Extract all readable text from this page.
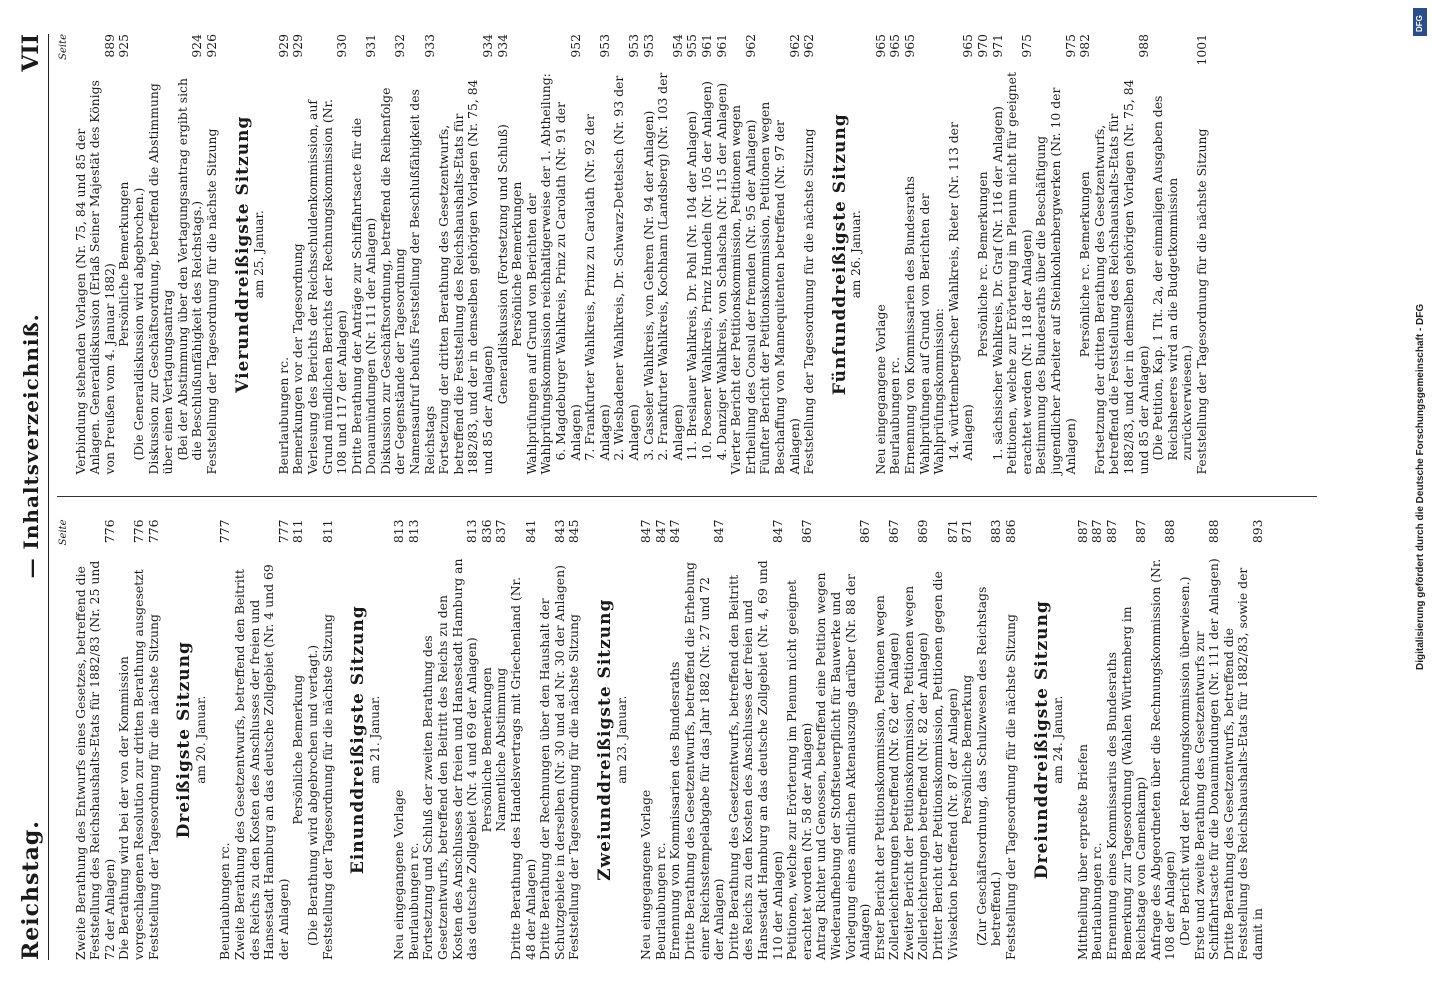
Reichstag.
— Inhaltsverzeichniß.
VII
Seite
Zweite Berathung des Entwurfs eines Gesetzes, betreffend die Feststellung des Reichshaushalts-Etats für 1882/83 (Nr. 25 und 72 der Anlagen)
776
Die Berathung wird bei der von der Kommission vorgeschlagenen Resolution zur dritten Berathung ausgesetzt
776
Feststellung der Tagesordnung für die nächste Sitzung
776
Dreißigste Sitzung am 20. Januar.
Beurlaubungen rc.
777
Zweite Berathung des Gesetzentwurfs, betreffend den Beitritt des Reichs zu den Kosten des Anschlusses der freien und Hansestadt Hamburg an das deutsche Zollgebiet (Nr. 4 und 69 der Anlagen)
777
Persönliche Bemerkung
811
(Die Berathung wird abgebrochen und vertagt.) Feststellung der Tagesordnung für die nächste Sitzung
811
Einunddreißigste Sitzung am 21. Januar.
Neu eingegangene Vorlage
813
Beurlaubungen rc.
813
Fortsetzung und Schluß der zweiten Berathung des Gesetzentwurfs, betreffend den Beitritt des Reichs zu den Kosten des Anschlusses der freien und Hansestadt Hamburg an das deutsche Zollgebiet (Nr. 4 und 69 der Anlagen)
813
Persönliche Bemerkungen
836
Namentliche Abstimmung
837
Dritte Berathung des Handelsvertrags mit Griechenland (Nr. 48 der Anlagen)
841
Dritte Berathung der Rechnungen über den Haushalt der Schutzgebiete in derselben (Nr. 30 und ad Nr. 30 der Anlagen)
843
Feststellung der Tagesordnung für die nächste Sitzung
845
Zweiunddreißigste Sitzung am 23. Januar.
Neu eingegangene Vorlage
847
Beurlaubungen rc.
847
Ernennung von Kommissarien des Bundesraths
847
Dritte Berathung des Gesetzentwurfs, betreffend die Erhebung einer Reichsstempelabgabe für das Jahr 1882 (Nr. 27 und 72 der Anlagen)
847
Dritte Berathung des Gesetzentwurfs, betreffend den Beitritt des Reichs zu den Kosten des Anschlusses der freien und Hansestadt Hamburg an das deutsche Zollgebiet (Nr. 4, 69 und 110 der Anlagen)
847
Petitionen, welche zur Erörterung im Plenum nicht geeignet erachtet worden (Nr. 58 der Anlagen)
867
Antrag Richter und Genossen, betreffend eine Petition wegen Wiederaufhebung der Stoffsteuerpflicht für Bauwerke und Vorlegung eines amtlichen Aktenauszugs darüber (Nr. 88 der Anlagen)
867
Erster Bericht der Petitionskommission, Petitionen wegen Zollerleichterungen betreffend (Nr. 62 der Anlagen)
867
Zweiter Bericht der Petitionskommission, Petitionen wegen Zollerleichterungen betreffend (Nr. 82 der Anlagen)
869
Dritter Bericht der Petitionskommission, Petitionen gegen die Vivisektion betreffend (Nr. 87 der Anlagen)
871
Persönliche Bemerkung
871
(Zur Geschäftsordnung, das Schulzwesen des Reichstags betreffend.)
883
Feststellung der Tagesordnung für die nächste Sitzung
886
Dreiunddreißigste Sitzung am 24. Januar.
Mittheilung über erpreßte Briefen
887
Beurlaubungen rc.
887
Ernennung eines Kommissarius des Bundesraths
887
Bemerkung zur Tagesordnung (Wahlen Württemberg im Reichstage von Camenkamp)
887
Anfrage des Abgeordneten über die Rechnungskommission (Nr. 108 der Anlagen)
888
(Der Bericht wird der Rechnungskommission überwiesen.) Erste und zweite Berathung des Gesetzentwurfs zur Schiffahrtsacte für die Donaumündungen (Nr. 111 der Anlagen)
888
Dritte Berathung des Gesetzentwurfs, betreffend die Feststellung des Reichshaushalts-Etats für 1882/83, sowie der damit in
893
Seite
Verbindung stehenden Vorlagen (Nr. 75, 84 und 85 der Anlagen. Generaldiskussion (Erlaß Seiner Majestät des Königs von Preußen vom 4. Januar 1882)
889
Persönliche Bemerkungen
925
(Die Generaldiskussion wird abgebrochen.) Diskussion zur Geschäftsordnung, betreffend die Abstimmung über einen Vertagungsantrag (Bei der Abstimmung über den Vertagungsantrag ergibt sich die Beschlußunfähigkeit des Reichstags.)
924
Feststellung der Tagesordnung für die nächste Sitzung
926
Vierunddreißigste Sitzung am 25. Januar.
Beurlaubungen rc.
929
Bemerkungen vor der Tagesordnung
929
Verlesung des Berichts der Reichsschuldenkommission, auf Grund mündlichen Berichts der Rechnungskommission (Nr. 108 und 117 der Anlagen)
930
Dritte Berathung der Anträge zur Schiffahrtsacte für die Donaumündungen (Nr. 111 der Anlagen)
931
Diskussion zur Geschäftsordnung, betreffend die Reihenfolge der Gegenstände der Tagesordnung
932
Namensaufruf behufs Feststellung der Beschlußfähigkeit des Reichstags
933
Fortsetzung der dritten Berathung des Gesetzentwurfs, betreffend die Feststellung des Reichshaushalts-Etats für 1882/83, und der in demselben gehörigen Vorlagen (Nr. 75, 84 und 85 der Anlagen)
934
Generaldiskussion (Fortsetzung und Schluß)
934
Persönliche Bemerkungen Wahlprüfungen auf Grund von Berichten der Wahlprüfungskommission reichhaltigerweise der 1. Abtheilung: 6. Magdeburger Wahlkreis, Prinz zu Carolath (Nr. 91 der Anlagen)
952
7. Frankfurter Wahlkreis, Prinz zu Carolath (Nr. 92 der Anlagen)
953
2. Wiesbadener Wahlkreis, Dr. Schwarz-Dettelsch (Nr. 93 der Anlagen)
953
3. Casseler Wahlkreis, von Gehren (Nr. 94 der Anlagen)
953
2. Frankfurter Wahlkreis, Kochhann (Landsberg) (Nr. 103 der Anlagen)
954
11. Breslauer Wahlkreis, Dr. Pohl (Nr. 104 der Anlagen)
955
10. Posener Wahlkreis, Prinz Hundeln (Nr. 105 der Anlagen)
961
4. Danziger Wahlkreis, von Schalscha (Nr. 115 der Anlagen)
961
Vierter Bericht der Petitionskommission, Petitionen wegen Ertheilung des Consul der fremden (Nr. 95 der Anlagen)
962
Fünfter Bericht der Petitionskommission, Petitionen wegen Beschaffung von Mannequitenten betreffend (Nr. 97 der Anlagen)
962
Feststellung der Tagesordnung für die nächste Sitzung
962
Fünfunddreißigste Sitzung am 26. Januar.
Neu eingegangene Vorlage
965
Beurlaubungen rc.
965
Ernennung von Kommissarien des Bundesraths
965
Wahlprüfungen auf Grund von Berichten der Wahlprüfungskommission: 14. württembergischer Wahlkreis, Rieter (Nr. 113 der Anlagen)
965
Persönliche rc. Bemerkungen
970
1. sächsischer Wahlkreis, Dr. Graf (Nr. 116 der Anlagen)
971
Petitionen, welche zur Erörterung im Plenum nicht für geeignet erachtet werden (Nr. 118 der Anlagen)
975
Bestimmung des Bundesraths über die Beschäftigung jugendlicher Arbeiter auf Steinkohlenbergwerken (Nr. 10 der Anlagen)
975
Persönliche rc. Bemerkungen
982
Fortsetzung der dritten Berathung des Gesetzentwurfs, betreffend die Feststellung des Reichshaushalts-Etats für 1882/83, und der in demselben gehörigen Vorlagen (Nr. 75, 84 und 85 der Anlagen)
988
(Die Petition, Kap. 1 Tit. 2a, der einmaligen Ausgaben des Reichsheeres wird an die Budgetkommission zurückverwiesen.) Feststellung der Tagesordnung für die nächste Sitzung
1001
Digitalisierung gefördert durch die Deutsche Forschungsgemeinschaft - DFG
DFG
